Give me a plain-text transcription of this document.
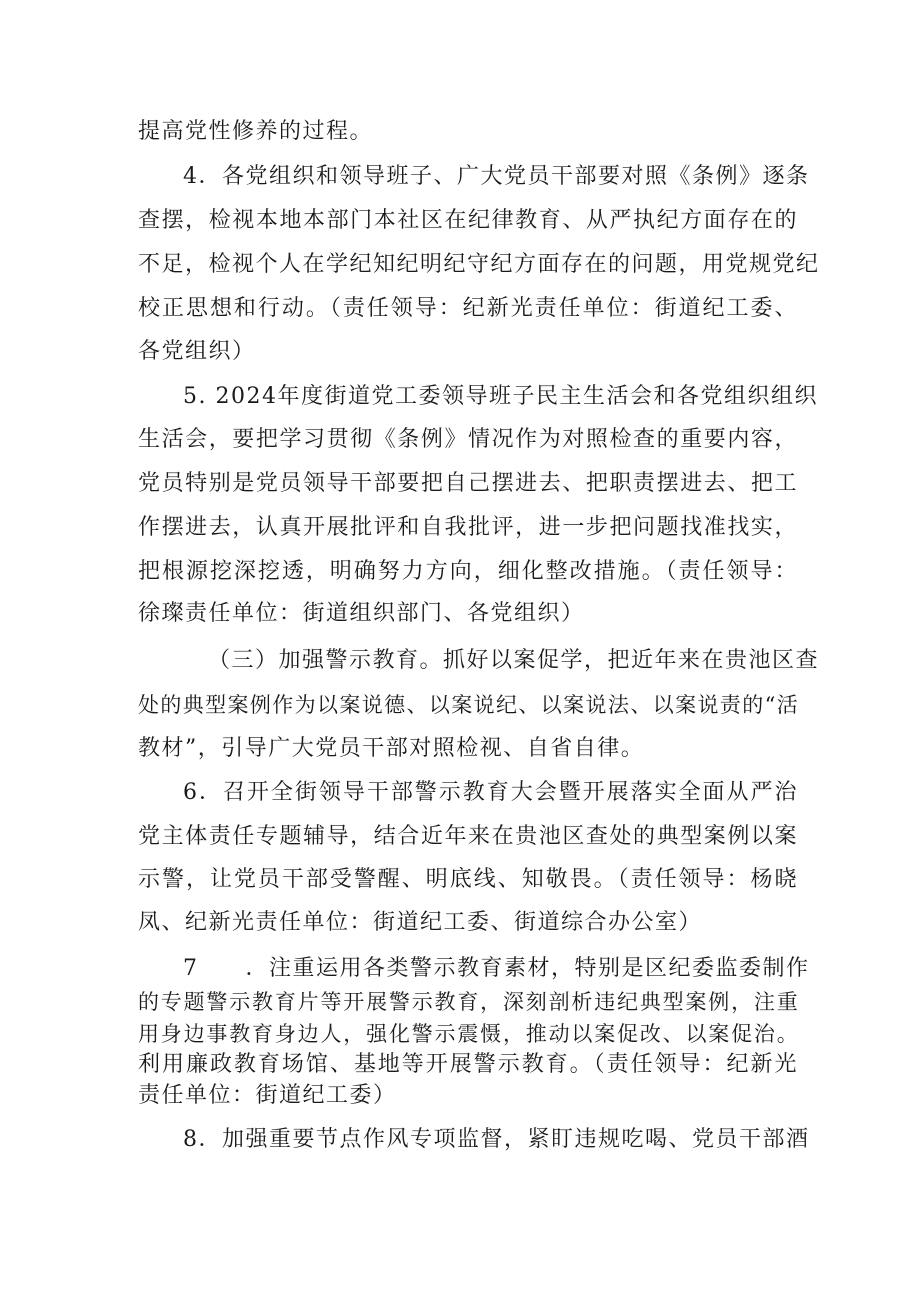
提高党性修养的过程。
4．各党组织和领导班子、广大党员干部要对照《条例》逐条
查摆，检视本地本部门本社区在纪律教育、从严执纪方面存在的
不足，检视个人在学纪知纪明纪守纪方面存在的问题，用党规党纪
校正思想和行动。（责任领导：纪新光责任单位：街道纪工委、
各党组织）
5. 2024年度街道党工委领导班子民主生活会和各党组织组织
生活会，要把学习贯彻《条例》情况作为对照检查的重要内容，
党员特别是党员领导干部要把自己摆进去、把职责摆进去、把工
作摆进去，认真开展批评和自我批评，进一步把问题找准找实，
把根源挖深挖透，明确努力方向，细化整改措施。（责任领导：
徐璨责任单位：街道组织部门、各党组织）
（三）加强警示教育。抓好以案促学，把近年来在贵池区查
处的典型案例作为以案说德、以案说纪、以案说法、以案说责的“活
教材”，引导广大党员干部对照检视、自省自律。
6．召开全街领导干部警示教育大会暨开展落实全面从严治
党主体责任专题辅导，结合近年来在贵池区查处的典型案例以案
示警，让党员干部受警醒、明底线、知敬畏。（责任领导：杨晓
凤、纪新光责任单位：街道纪工委、街道综合办公室）
7　　．注重运用各类警示教育素材，特别是区纪委监委制作
的专题警示教育片等开展警示教育，深刻剖析违纪典型案例，注重
用身边事教育身边人，强化警示震慑，推动以案促改、以案促治。
利用廉政教育场馆、基地等开展警示教育。（责任领导：纪新光
责任单位：街道纪工委）
8．加强重要节点作风专项监督，紧盯违规吃喝、党员干部酒
